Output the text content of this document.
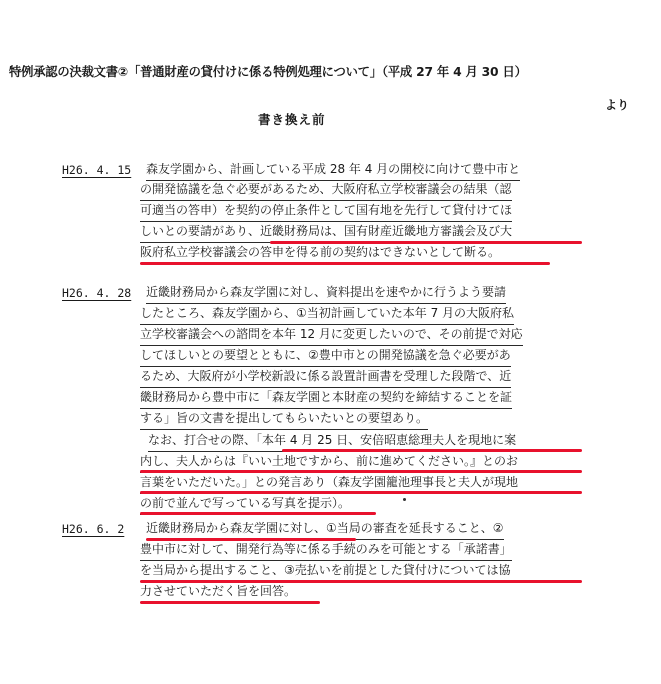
特例承認の決裁文書②「普通財産の貸付けに係る特例処理について」（平成 27 年 4 月 30 日）
より
書き換え前
H26. 4. 15 森友学園から、計画している平成 28 年 4 月の開校に向けて豊中市と
の開発協議を急ぐ必要があるため、大阪府私立学校審議会の結果（認
可適当の答申）を契約の停止条件として国有地を先行して貸付けてほ
しいとの要請があり、近畿財務局は、国有財産近畿地方審議会及び大
阪府私立学校審議会の答申を得る前の契約はできないとして断る。
H26. 4. 28 近畿財務局から森友学園に対し、資料提出を速やかに行うよう要請
したところ、森友学園から、①当初計画していた本年 7 月の大阪府私
立学校審議会への諮問を本年 12 月に変更したいので、その前提で対応
してほしいとの要望とともに、②豊中市との開発協議を急ぐ必要があ
るため、大阪府が小学校新設に係る設置計画書を受理した段階で、近
畿財務局から豊中市に「森友学園と本財産の契約を締結することを証
する」旨の文書を提出してもらいたいとの要望あり。
なお、打合せの際、「本年 4 月 25 日、安倍昭恵総理夫人を現地に案
内し、夫人からは『いい土地ですから、前に進めてください。』とのお
言葉をいただいた。」との発言あり（森友学園籠池理事長と夫人が現地
の前で並んで写っている写真を提示）。
H26. 6. 2 近畿財務局から森友学園に対し、①当局の審査を延長すること、②
豊中市に対して、開発行為等に係る手続のみを可能とする「承諾書」
を当局から提出すること、③売払いを前提とした貸付けについては協
力させていただく旨を回答。
